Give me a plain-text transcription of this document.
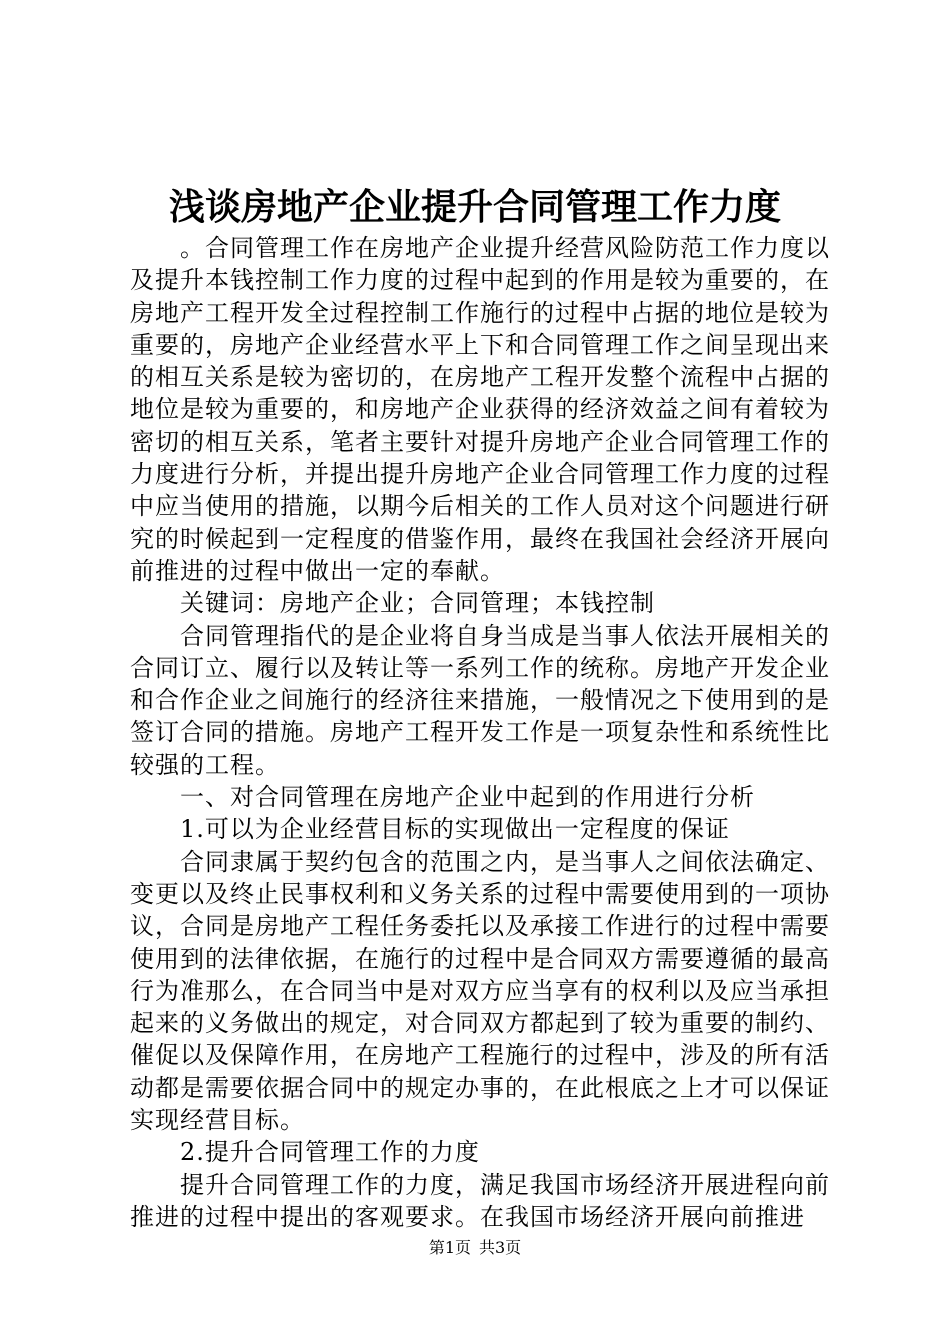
浅谈房地产企业提升合同管理工作力度

。合同管理工作在房地产企业提升经营风险防范工作力度以及提升本钱控制工作力度的过程中起到的作用是较为重要的，在房地产工程开发全过程控制工作施行的过程中占据的地位是较为重要的，房地产企业经营水平上下和合同管理工作之间呈现出来的相互关系是较为密切的，在房地产工程开发整个流程中占据的地位是较为重要的，和房地产企业获得的经济效益之间有着较为密切的相互关系，笔者主要针对提升房地产企业合同管理工作的力度进行分析，并提出提升房地产企业合同管理工作力度的过程中应当使用的措施，以期今后相关的工作人员对这个问题进行研究的时候起到一定程度的借鉴作用，最终在我国社会经济开展向前推进的过程中做出一定的奉献。

关键词：房地产企业；合同管理；本钱控制

合同管理指代的是企业将自身当成是当事人依法开展相关的合同订立、履行以及转让等一系列工作的统称。房地产开发企业和合作企业之间施行的经济往来措施，一般情况之下使用到的是签订合同的措施。房地产工程开发工作是一项复杂性和系统性比较强的工程。

一、对合同管理在房地产企业中起到的作用进行分析

1.可以为企业经营目标的实现做出一定程度的保证

合同隶属于契约包含的范围之内，是当事人之间依法确定、变更以及终止民事权利和义务关系的过程中需要使用到的一项协议，合同是房地产工程任务委托以及承接工作进行的过程中需要使用到的法律依据，在施行的过程中是合同双方需要遵循的最高行为准那么，在合同当中是对双方应当享有的权利以及应当承担起来的义务做出的规定，对合同双方都起到了较为重要的制约、催促以及保障作用，在房地产工程施行的过程中，涉及的所有活动都是需要依据合同中的规定办事的，在此根底之上才可以保证实现经营目标。

2.提升合同管理工作的力度

提升合同管理工作的力度，满足我国市场经济开展进程向前推进的过程中提出的客观要求。在我国市场经济开展向前推进

第1页 共3页
